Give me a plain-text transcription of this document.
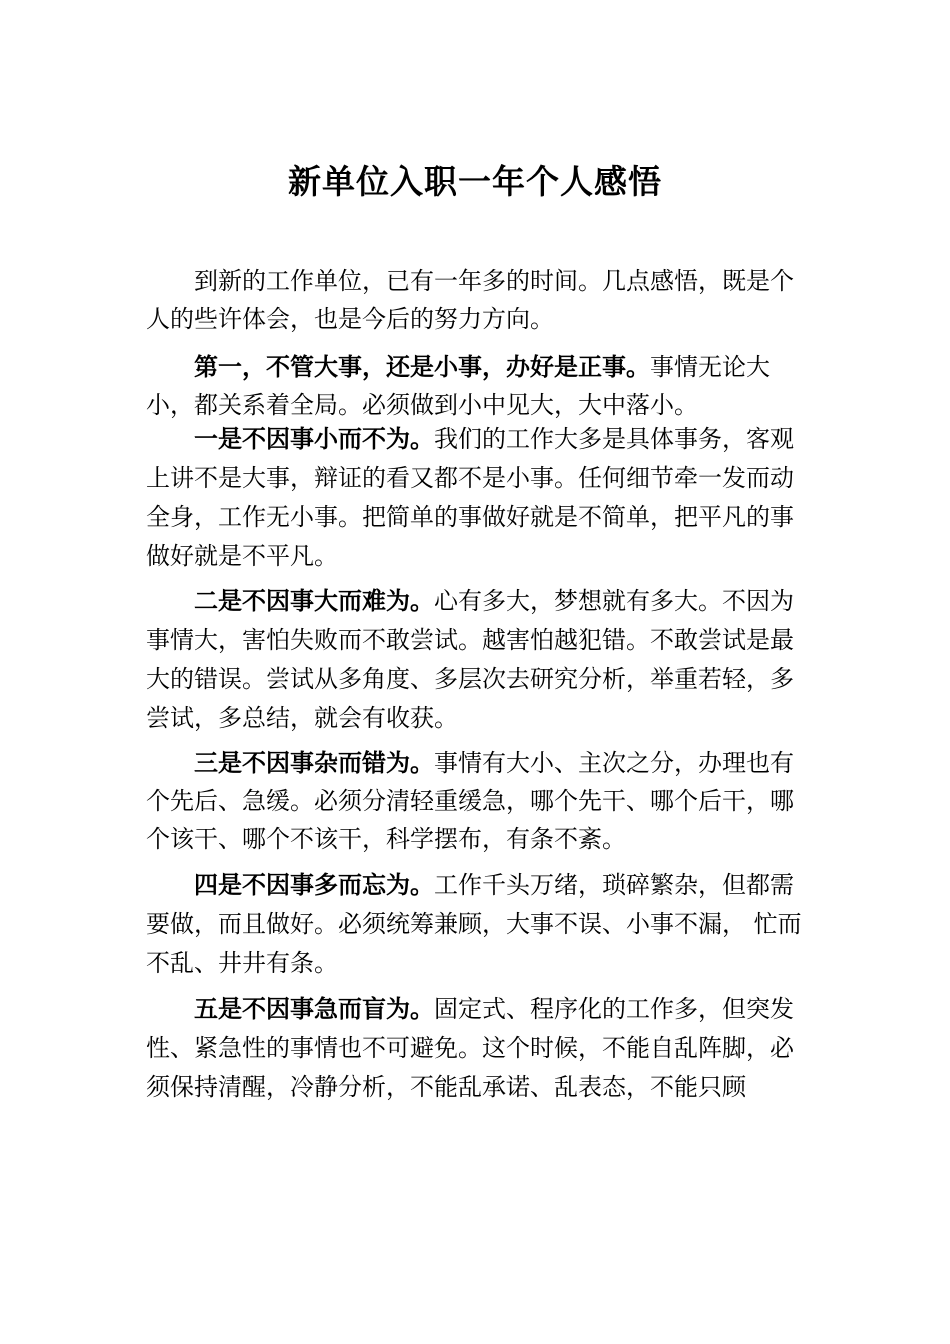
新单位入职一年个人感悟

到新的工作单位，已有一年多的时间。几点感悟，既是个人的些许体会，也是今后的努力方向。

第一，不管大事，还是小事，办好是正事。事情无论大小，都关系着全局。必须做到小中见大，大中落小。

一是不因事小而不为。我们的工作大多是具体事务，客观上讲不是大事，辩证的看又都不是小事。任何细节牵一发而动全身，工作无小事。把简单的事做好就是不简单，把平凡的事做好就是不平凡。

二是不因事大而难为。心有多大，梦想就有多大。不因为事情大，害怕失败而不敢尝试。越害怕越犯错。不敢尝试是最大的错误。尝试从多角度、多层次去研究分析，举重若轻，多尝试，多总结，就会有收获。

三是不因事杂而错为。事情有大小、主次之分，办理也有个先后、急缓。必须分清轻重缓急，哪个先干、哪个后干，哪个该干、哪个不该干，科学摆布，有条不紊。

四是不因事多而忘为。工作千头万绪，琐碎繁杂，但都需要做，而且做好。必须统筹兼顾，大事不误、小事不漏， 忙而不乱、井井有条。

五是不因事急而盲为。固定式、程序化的工作多，但突发性、紧急性的事情也不可避免。这个时候，不能自乱阵脚，必须保持清醒，冷静分析，不能乱承诺、乱表态，不能只顾
